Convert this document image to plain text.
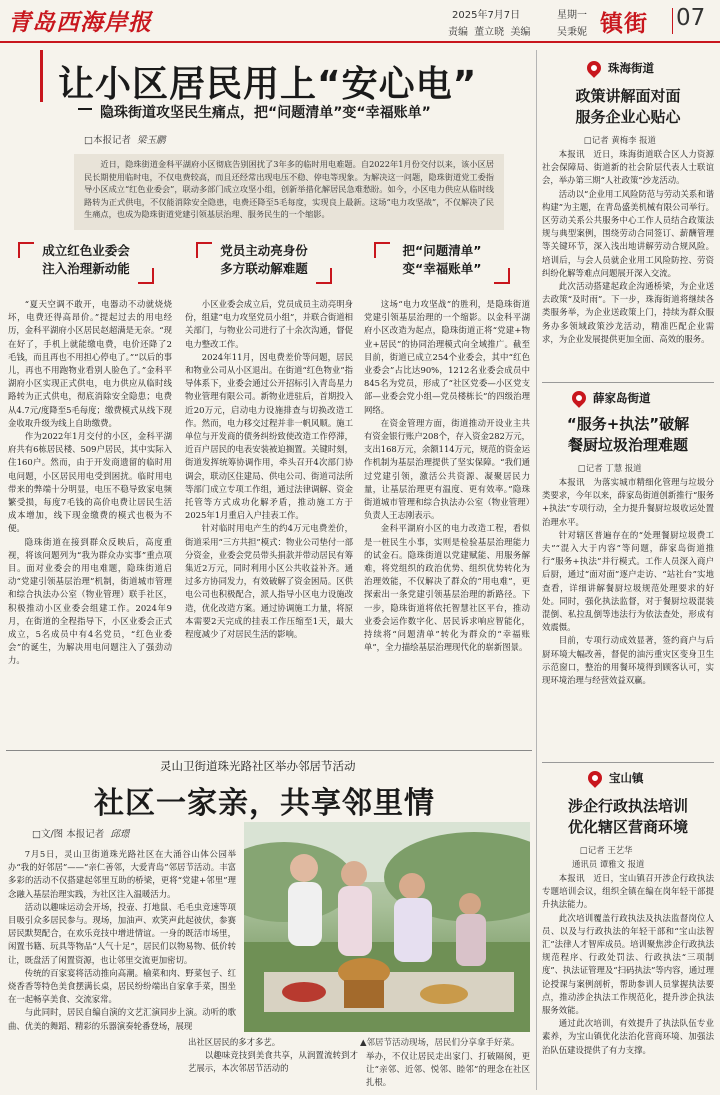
青岛西海岸报	2025年7月7日	星期一
责编 董立晓 美编	吴秉妮 镇街	07
让小区居民用上“安心电”
隐珠街道攻坚民生痛点，把“问题清单”变“幸福账单”
□本报记者 梁玉鹏
近日，隐珠街道金科平湖府小区彻底告别困扰了3年多的临时用电难题。自2022年1月份交付以来，该小区居民长期使用临时电，不仅电费较高，而且还经常出现电压不稳、停电等现象。为解决这一问题，隐珠街道党工委指导小区成立“红色业委会”，联动多部门成立攻坚小组，创新举措化解居民急难愁盼。如今，小区电力供应从临时线路转为正式供电，不仅能消除安全隐患，电费还降至5毛每度，实现良上最新。这场“电力攻坚战”，不仅解决了民生痛点，也成为隐珠街道党建引领基层治理、服务民生的一个缩影。
成立红色业委会
注入治理新动能
党员主动亮身份
多方联动解难题
把“问题清单”
变“幸福账单”

“夏天空调不敢开，电器动不动就烧烧坏，电费还得高昂价。”提起过去的用电经历，金科平湖府小区居民赵超满是无奈。“现在好了，手机上就能缴电费，电价还降了2毛钱，而且再也不用担心停电了。”“以后的事儿，再也不用跑物业看别人脸色了。”金科平湖府小区实现正式供电，电力供应从临时线路转为正式供电，彻底消除安全隐患；电费从4.7元/度降至5毛每度；缴费模式从线下现金收取升级为线上自助缴费。

作为2022年1月交付的小区，金科平湖府共有6栋居民楼、509户居民，其中实际入住160户。然而，由于开发商遗留的临时用电问题，小区居民用电受到困扰。临时用电带来的弊端十分明显，电压不稳导致家电频繁受损，每度7毛钱的高价电费让居民生活成本增加，线下现金缴费的模式也极为不便。

隐珠街道在接到群众反映后，高度重视，将该问题列为“我为群众办实事”重点项目。面对业委会的用电难题，隐珠街道启动“党建引领基层治理”机制，街道城市管理和综合执法办公室（物业管理）联手社区，积极推动小区业委会组建工作。2024年9月，在街道的全程指导下，小区业委会正式成立，5名成员中有4名党员，“红色业委会”的诞生，为解决用电问题注入了强劲动力。

小区业委会成立后，党员成员主动亮明身份，组建“电力攻坚党员小组”，并联合街道相关部门，与物业公司进行了十余次沟通，督促电力整改工作。

2024年11月，因电费差价等问题，居民和物业公司从小区退出。在街道“红色物业”指导体系下，业委会通过公开招标引入青岛星力物业管理有限公司。新物业进驻后，首期投入近20万元，启动电力设施排查与切换改造工作。然而，电力移交过程并非一帆风顺。施工单位与开发商的债务纠纷致使改造工作停滞，近百户居民的电表安装被迫搁置。关键时刻，街道发挥统筹协调作用，牵头召开4次部门协调会，联动区住建局、供电公司、街道司法所等部门成立专项工作组，通过法律调解、资金托管等方式成功化解矛盾，推动施工方于2025年1月重启入户挂表工作。

针对临时用电产生的约4万元电费差价，街道采用“三方共担”模式：物业公司垫付一部分资金，业委会党员带头捐款并带动居民有筹集近2万元，同时利用小区公共收益补齐。通过多方协同发力，有效破解了资金困局。区供电公司也积极配合，派人指导小区电力设施改造，优化改造方案。通过协调施工力量，将原本需要2天完成的挂表工作压缩至1天，最大程度减少了对居民生活的影响。

这场“电力攻坚战”的胜利，是隐珠街道党建引领基层治理的一个缩影。以金科平湖府小区改造为起点，隐珠街道正将“党建+物业+居民”的协同治理模式向全域推广。截至目前，街道已成立254个业委会，其中“红色业委会”占比达90%，1212名业委会成员中845名为党员，形成了“社区党委—小区党支部—业委会党小组—党员楼栋长”的四级治理网络。

在资金管理方面，街道推动开设业主共有资金银行账户208个，存入资金282万元，支出168万元，余额114万元，规范的资金运作机制为基层治理提供了坚实保障。“我们通过党建引领，激活公共资源、凝聚居民力量，让基层治理更有温度、更有效率。”隐珠街道城市管理和综合执法办公室（物业管理）负责人王志刚表示。

金科平湖府小区的电力改造工程，看似是一桩民生小事，实则是检验基层治理能力的试金石。隐珠街道以党建赋能、用服务解难，将党组织的政治优势、组织优势转化为治理效能，不仅解决了群众的“用电难”，更探索出一条党建引领基层治理的新路径。下一步，隐珠街道将依托智慧社区平台，推动业委会运作数字化、居民诉求响应智能化，持续将“问题清单”转化为群众的“幸福账单”，全力描绘基层治理现代化的崭新图景。

灵山卫街道珠光路社区举办邻居节活动
社区一家亲，共享邻里情
□文/图 本报记者 邱璟

7月5日，灵山卫街道珠光路社区在大涌谷山体公园举办“我的好邻居”——“亲仁善邻，大爱青岛”邻居节活动。丰富多彩的活动不仅搭建起邻里互助的桥梁，更将“党建+邻里”理念融入基层治理实践，为社区注入温暖活力。

活动以趣味运动会开场，投壶、打地鼠、毛毛虫竞速等项目吸引众多居民参与。现场，加油声、欢笑声此起彼伏，参赛居民默契配合，在欢乐竞技中增进情谊。一身的既活市场里，闲置书籍、玩具等物品“人气十足”，居民们以物易物、低价转让，既盘活了闲置资源，也让邻里交流更加密切。

传统的百家宴将活动推向高潮。榆菜和肉、野菜包子、红烧香香等特色美食摆满长桌，居民纷纷端出自家拿手菜，围坐在一起畅享美食、交流家常。

与此同时，居民自编自演的文艺汇演同步上演。动听的歌曲、优美的舞蹈、精彩的乐器演奏轮番登场，展现

▲邻居节活动现场，居民们分享拿手好菜。

出社区居民的多才多艺。

以趣味竞技到美食共享，从润置流转到才艺展示，本次邻居节活动的

举办，不仅让居民走出家门、打破隔阂，更让“亲邻、近邻、悦邻、睦邻”的理念在社区扎根。

珠海街道
政策讲解面对面
服务企业心贴心
□记者 黄梅李 报道

本报讯　近日，珠海街道联合区人力资源社会保障局、街道新的社会阶层代表人士联谊会，举办第三期“人社政策”沙龙活动。

活动以“企业用工风险防范与劳动关系和谐构建”为主题，在青岛盛美机械有限公司举行。区劳动关系公共服务中心工作人员结合政策法规与典型案例，围绕劳动合同签订、薪酬管理等关键环节，深入浅出地讲解劳动合规风险。培训后，与会人员就企业用工风险防控、劳资纠纷化解等难点问题展开深入交流。

此次活动搭建起政企沟通桥梁，为企业送去政策“及时雨”。下一步，珠海街道将继续各类服务举，为企业送政策上门，持续为群众服务办多领域政策沙龙活动，精准匹配企业需求，为企业发展提供更加全面、高效的服务。

薛家岛街道
“服务+执法”破解
餐厨垃圾治理难题
□记者 丁慧 报道

本报讯　为落实城市精细化管理与垃圾分类要求，今年以来，薛家岛街道创新推行“服务+执法”专项行动，全力提升餐厨垃圾收运处置治理水平。

针对辖区普遍存在的“处理餐厨垃圾费工夫”“混入大于内容”等问题，薛家岛街道推行“服务+执法”并行模式。工作人员深入商户后厨，通过“面对面”逐户走访、“站社台”实地查看，详细讲解餐厨垃圾规范处理要求的好处。同时，强化执法监督，对于餐厨垃圾混装混倒、私拉乱倒等违法行为依法查处，形成有效震慑。

目前，专项行动成效显著，签约商户与后厨环境大幅改善，督促的油污重灾区变身卫生示范窗口，整治的用餐环境得到顾客认可，实现环境治理与经营效益双赢。

宝山镇
涉企行政执法培训
优化辖区营商环境
□记者 王艺华
通讯员 谭雅文 报道

本报讯　近日，宝山镇召开涉企行政执法专题培训会议，组织全镇在编在岗年轻干部提升执法能力。

此次培训覆盖行政执法及执法监督岗位人员、以及与行政执法的年轻干部和“宝山法智汇”法律人才智库成员。培训聚焦涉企行政执法规范程序、行政处罚法、行政执法“三项制度”、执法证管理及“扫码执法”等内容，通过理论授课与案例剖析，帮助参训人员掌握执法要点，推动涉企执法工作规范化，提升涉企执法服务效能。

通过此次培训，有效提升了执法队伍专业素养，为宝山镇优化法治化营商环境、加强法治队伍建设提供了有力支撑。
